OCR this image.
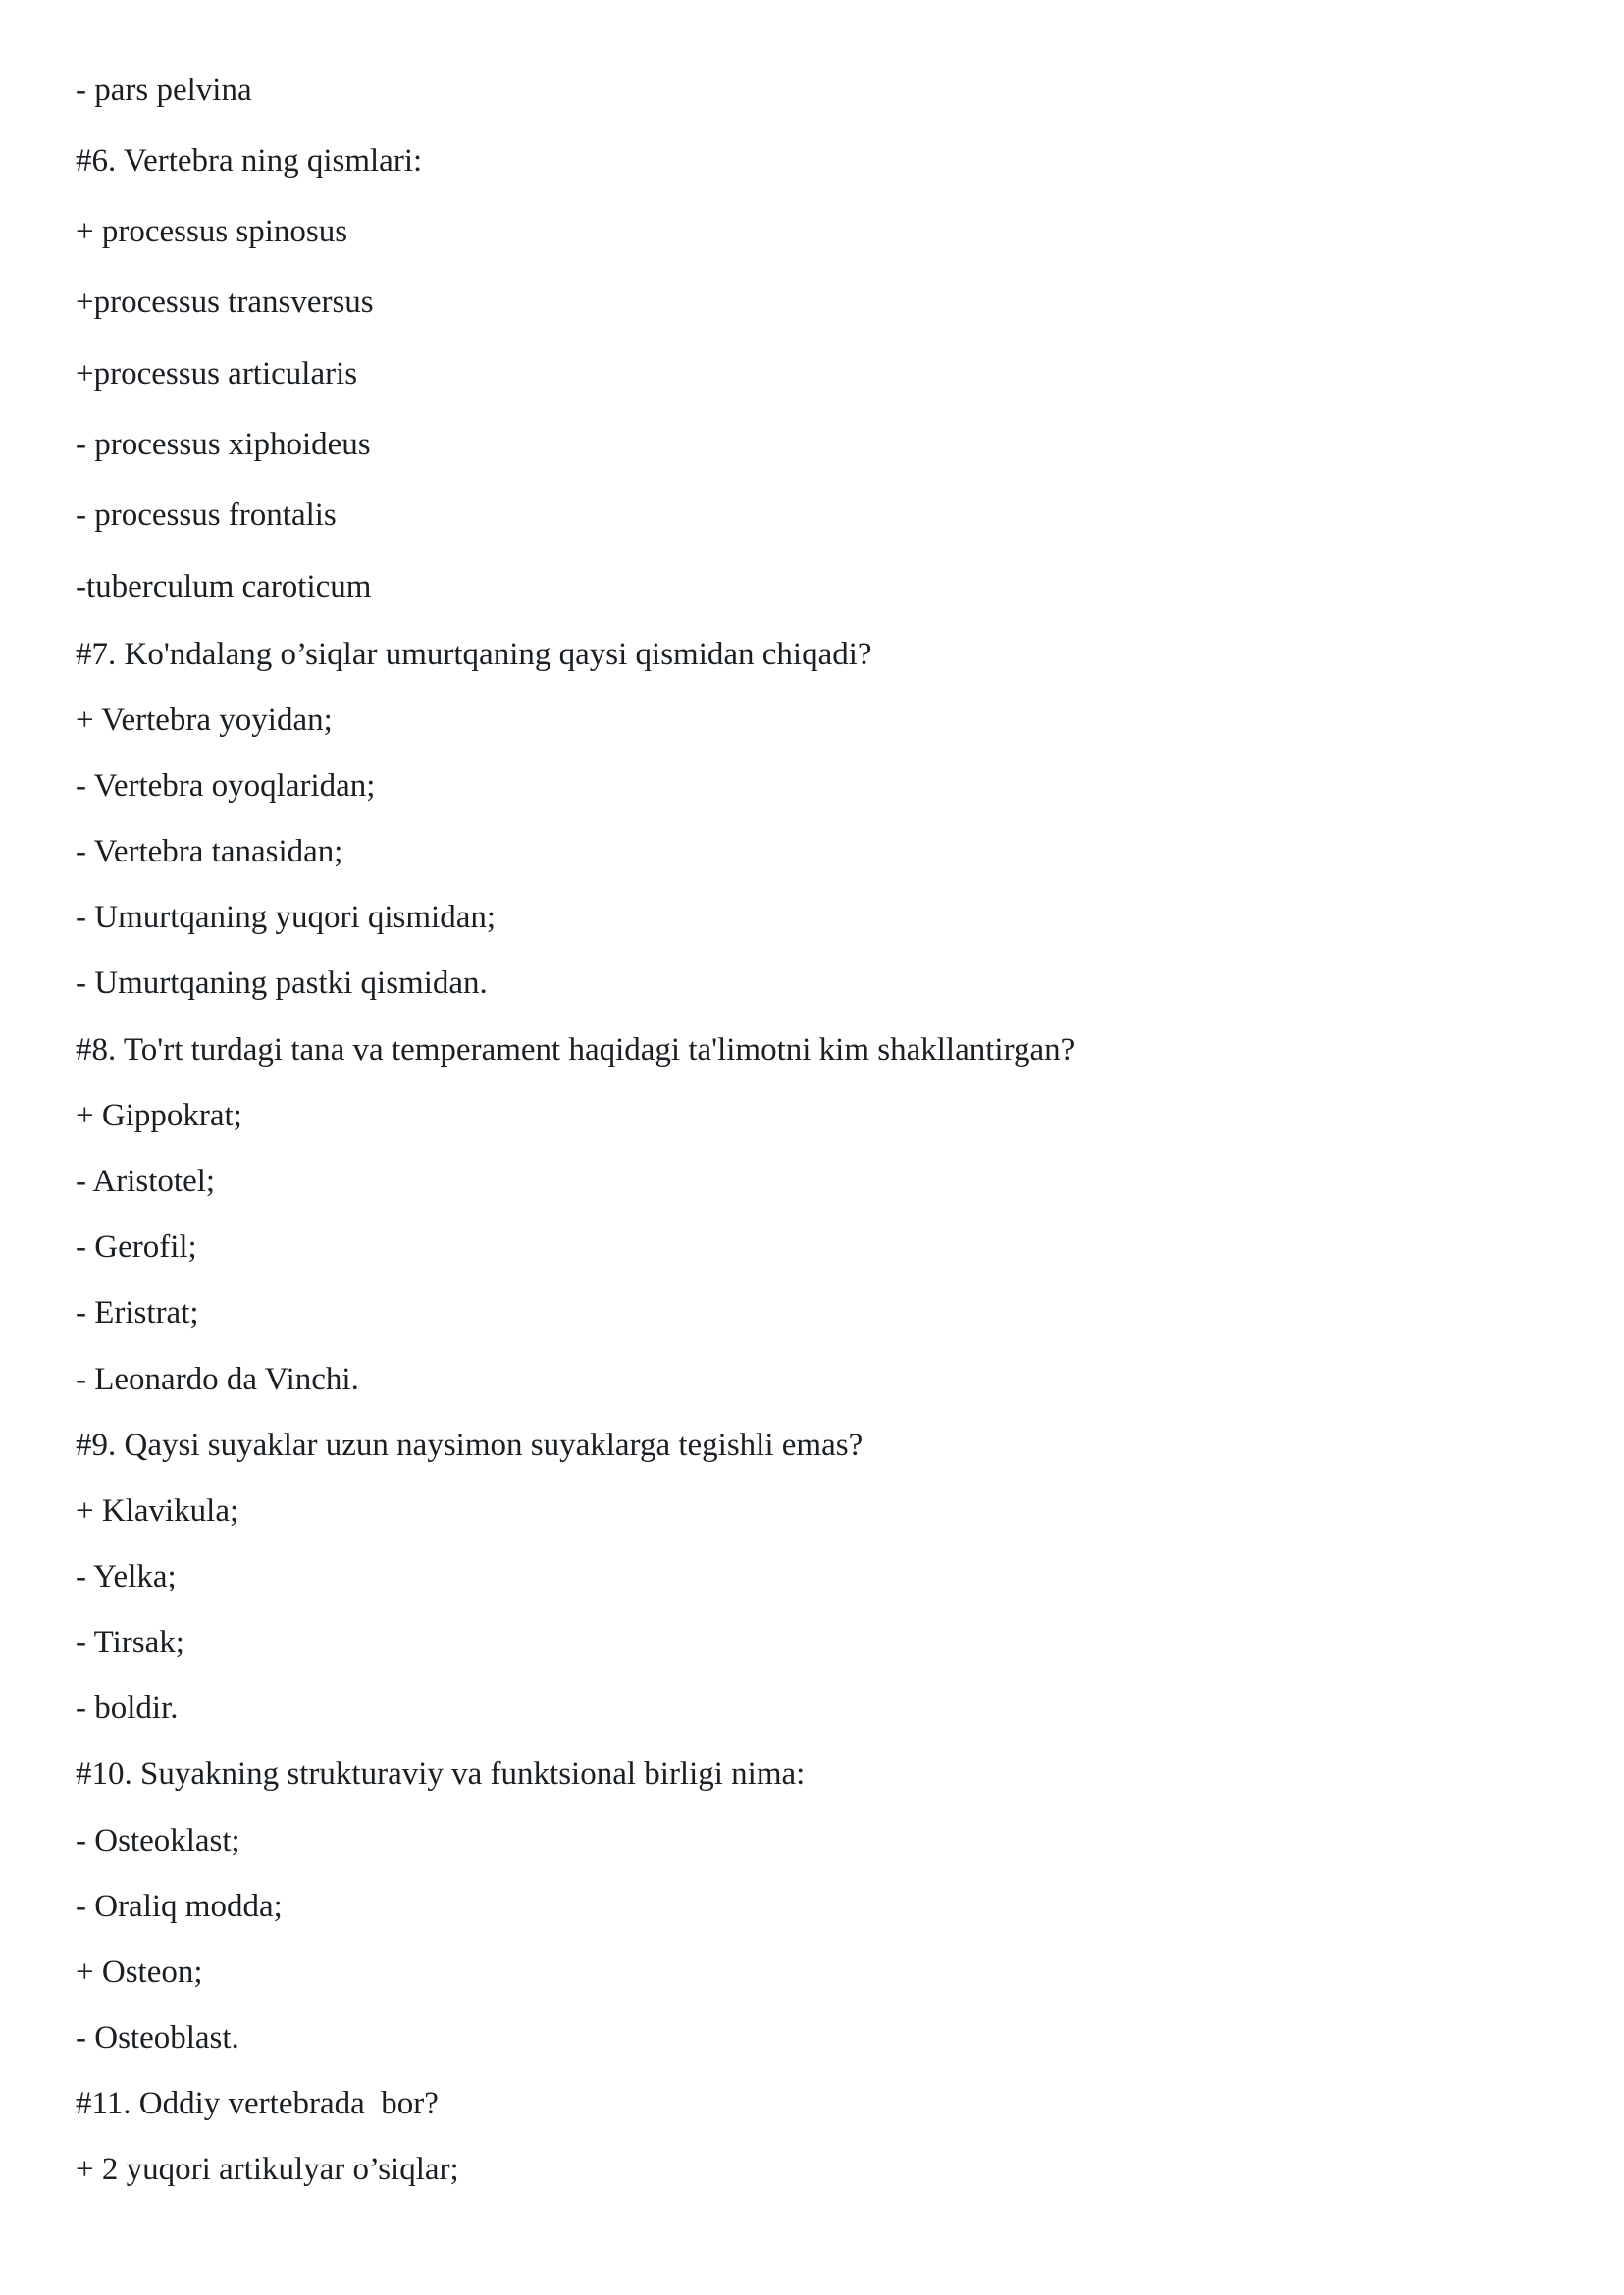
- pars pelvina
#6. Vertebra ning qismlari:
+ processus spinosus
+processus transversus
+processus articularis
- processus xiphoideus
- processus frontalis
-tuberculum caroticum
#7. Ko'ndalang o’siqlar umurtqaning qaysi qismidan chiqadi?
+ Vertebra yoyidan;
- Vertebra oyoqlaridan;
- Vertebra tanasidan;
- Umurtqaning yuqori qismidan;
- Umurtqaning pastki qismidan.
#8. To'rt turdagi tana va temperament haqidagi ta'limotni kim shakllantirgan?
+ Gippokrat;
- Aristotel;
- Gerofil;
- Eristrat;
- Leonardo da Vinchi.
#9. Qaysi suyaklar uzun naysimon suyaklarga tegishli emas?
+ Klavikula;
- Yelka;
- Tirsak;
- boldir.
#10. Suyakning strukturaviy va funktsional birligi nima:
- Osteoklast;
- Oraliq modda;
+ Osteon;
- Osteoblast.
#11. Oddiy vertebrada  bor?
+ 2 yuqori artikulyar o’siqlar;
